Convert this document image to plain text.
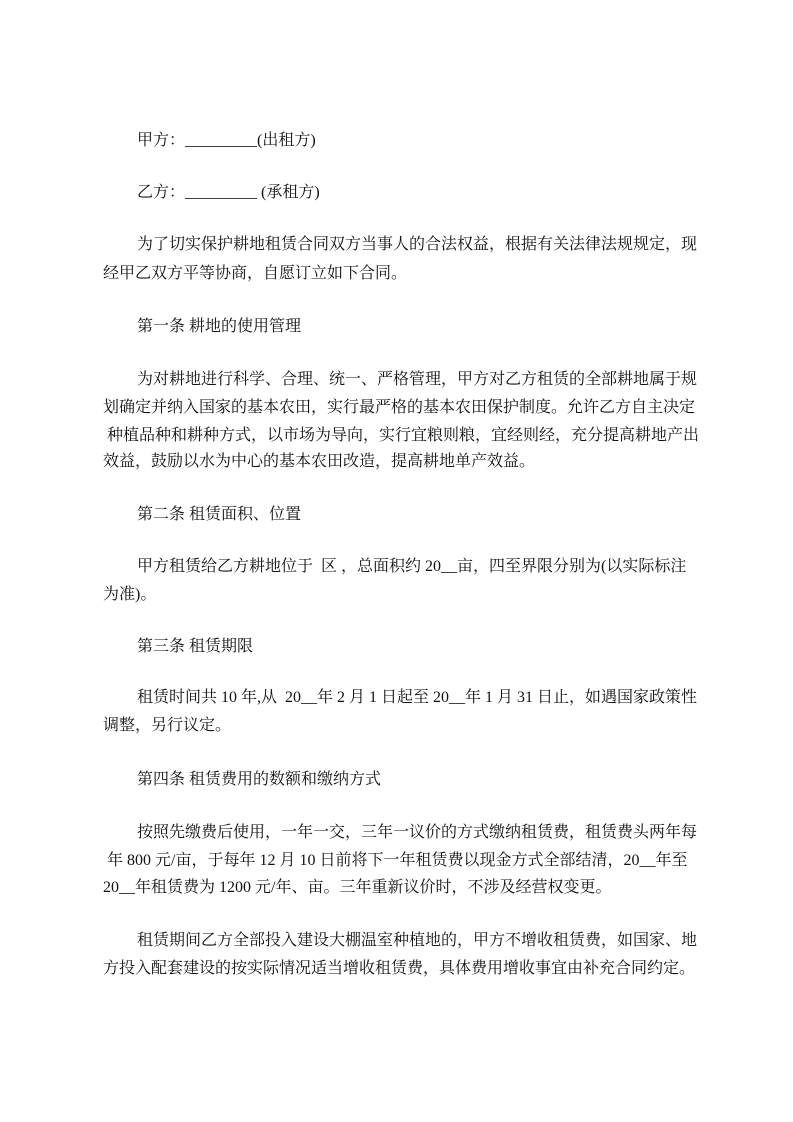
甲方：_________(出租方)
乙方：_________ (承租方)
为了切实保护耕地租赁合同双方当事人的合法权益，根据有关法律法规规定，现
经甲乙双方平等协商，自愿订立如下合同。
第一条 耕地的使用管理
为对耕地进行科学、合理、统一、严格管理，甲方对乙方租赁的全部耕地属于规
划确定并纳入国家的基本农田，实行最严格的基本农田保护制度。允许乙方自主决定
种植品种和耕种方式，以市场为导向，实行宜粮则粮，宜经则经，充分提高耕地产出
效益，鼓励以水为中心的基本农田改造，提高耕地单产效益。
第二条 租赁面积、位置
甲方租赁给乙方耕地位于  区 ，总面积约 20__亩，四至界限分别为(以实际标注
为准)。
第三条 租赁期限
租赁时间共 10 年,从  20__年 2 月 1 日起至 20__年 1 月 31 日止，如遇国家政策性
调整，另行议定。
第四条 租赁费用的数额和缴纳方式
按照先缴费后使用，一年一交，三年一议价的方式缴纳租赁费，租赁费头两年每
年 800 元/亩，于每年 12 月 10 日前将下一年租赁费以现金方式全部结清，20__年至
20__年租赁费为 1200 元/年、亩。三年重新议价时，不涉及经营权变更。
租赁期间乙方全部投入建设大棚温室种植地的，甲方不增收租赁费，如国家、地
方投入配套建设的按实际情况适当增收租赁费，具体费用增收事宜由补充合同约定。
